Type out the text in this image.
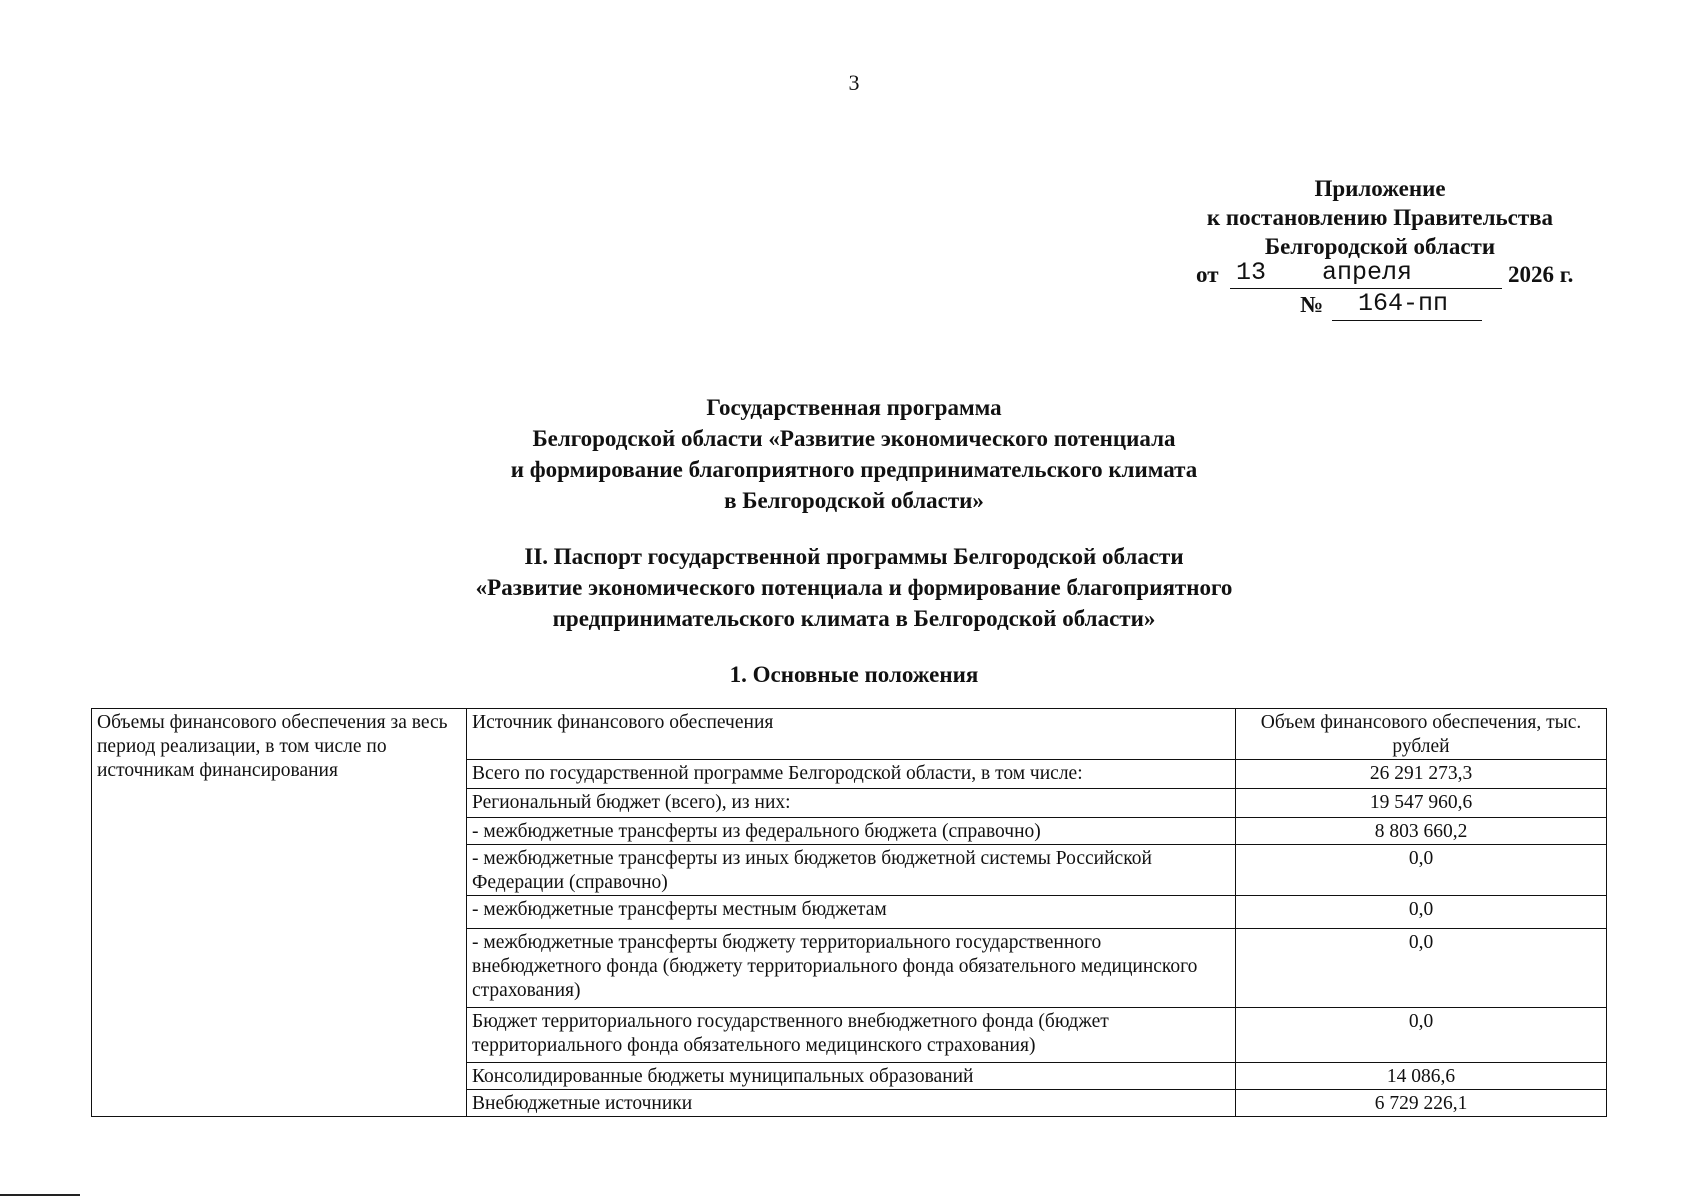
3
Приложение
к постановлению Правительства
Белгородской области
от 13 апреля	2026 г.
№ 164-пп
Государственная программа
Белгородской области «Развитие экономического потенциала
и формирование благоприятного предпринимательского климата
в Белгородской области»
II. Паспорт государственной программы Белгородской области
«Развитие экономического потенциала и формирование благоприятного
предпринимательского климата в Белгородской области»
1. Основные положения
Объемы финансового обеспечения за весь период реализации, в том числе по источникам финансирования	Источник финансового обеспечения	Объем финансового обеспечения, тыс. рублей
	Всего по государственной программе Белгородской области, в том числе:	26 291 273,3
	Региональный бюджет (всего), из них:	19 547 960,6
	- межбюджетные трансферты из федерального бюджета (справочно)	8 803 660,2
	- межбюджетные трансферты из иных бюджетов бюджетной системы Российской Федерации (справочно)	0,0
	- межбюджетные трансферты местным бюджетам	0,0
	- межбюджетные трансферты бюджету территориального государственного внебюджетного фонда (бюджету территориального фонда обязательного медицинского страхования)	0,0
	Бюджет территориального государственного внебюджетного фонда (бюджет территориального фонда обязательного медицинского страхования)	0,0
	Консолидированные бюджеты муниципальных образований	14 086,6
	Внебюджетные источники	6 729 226,1
